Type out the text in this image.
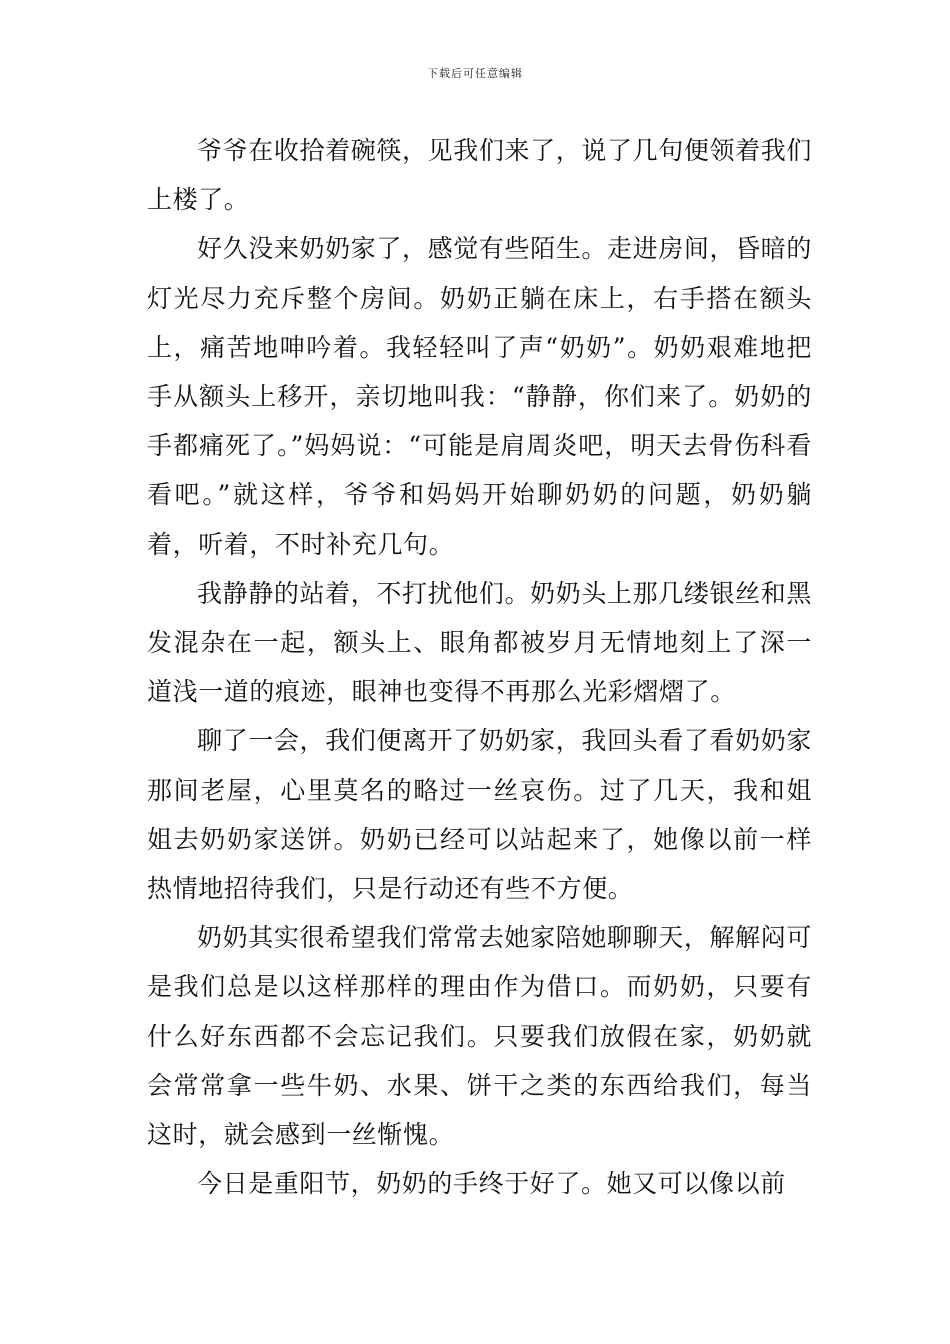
下载后可任意编辑

爷爷在收拾着碗筷，见我们来了，说了几句便领着我们上楼了。

好久没来奶奶家了，感觉有些陌生。走进房间，昏暗的灯光尽力充斥整个房间。奶奶正躺在床上，右手搭在额头上，痛苦地呻吟着。我轻轻叫了声“奶奶”。奶奶艰难地把手从额头上移开，亲切地叫我：“静静，你们来了。奶奶的手都痛死了。”妈妈说：“可能是肩周炎吧，明天去骨伤科看看吧。”就这样，爷爷和妈妈开始聊奶奶的问题，奶奶躺着，听着，不时补充几句。

我静静的站着，不打扰他们。奶奶头上那几缕银丝和黑发混杂在一起，额头上、眼角都被岁月无情地刻上了深一道浅一道的痕迹，眼神也变得不再那么光彩熠熠了。

聊了一会，我们便离开了奶奶家，我回头看了看奶奶家那间老屋，心里莫名的略过一丝哀伤。过了几天，我和姐姐去奶奶家送饼。奶奶已经可以站起来了，她像以前一样热情地招待我们，只是行动还有些不方便。

奶奶其实很希望我们常常去她家陪她聊聊天，解解闷可是我们总是以这样那样的理由作为借口。而奶奶，只要有什么好东西都不会忘记我们。只要我们放假在家，奶奶就会常常拿一些牛奶、水果、饼干之类的东西给我们，每当这时，就会感到一丝惭愧。

今日是重阳节，奶奶的手终于好了。她又可以像以前
